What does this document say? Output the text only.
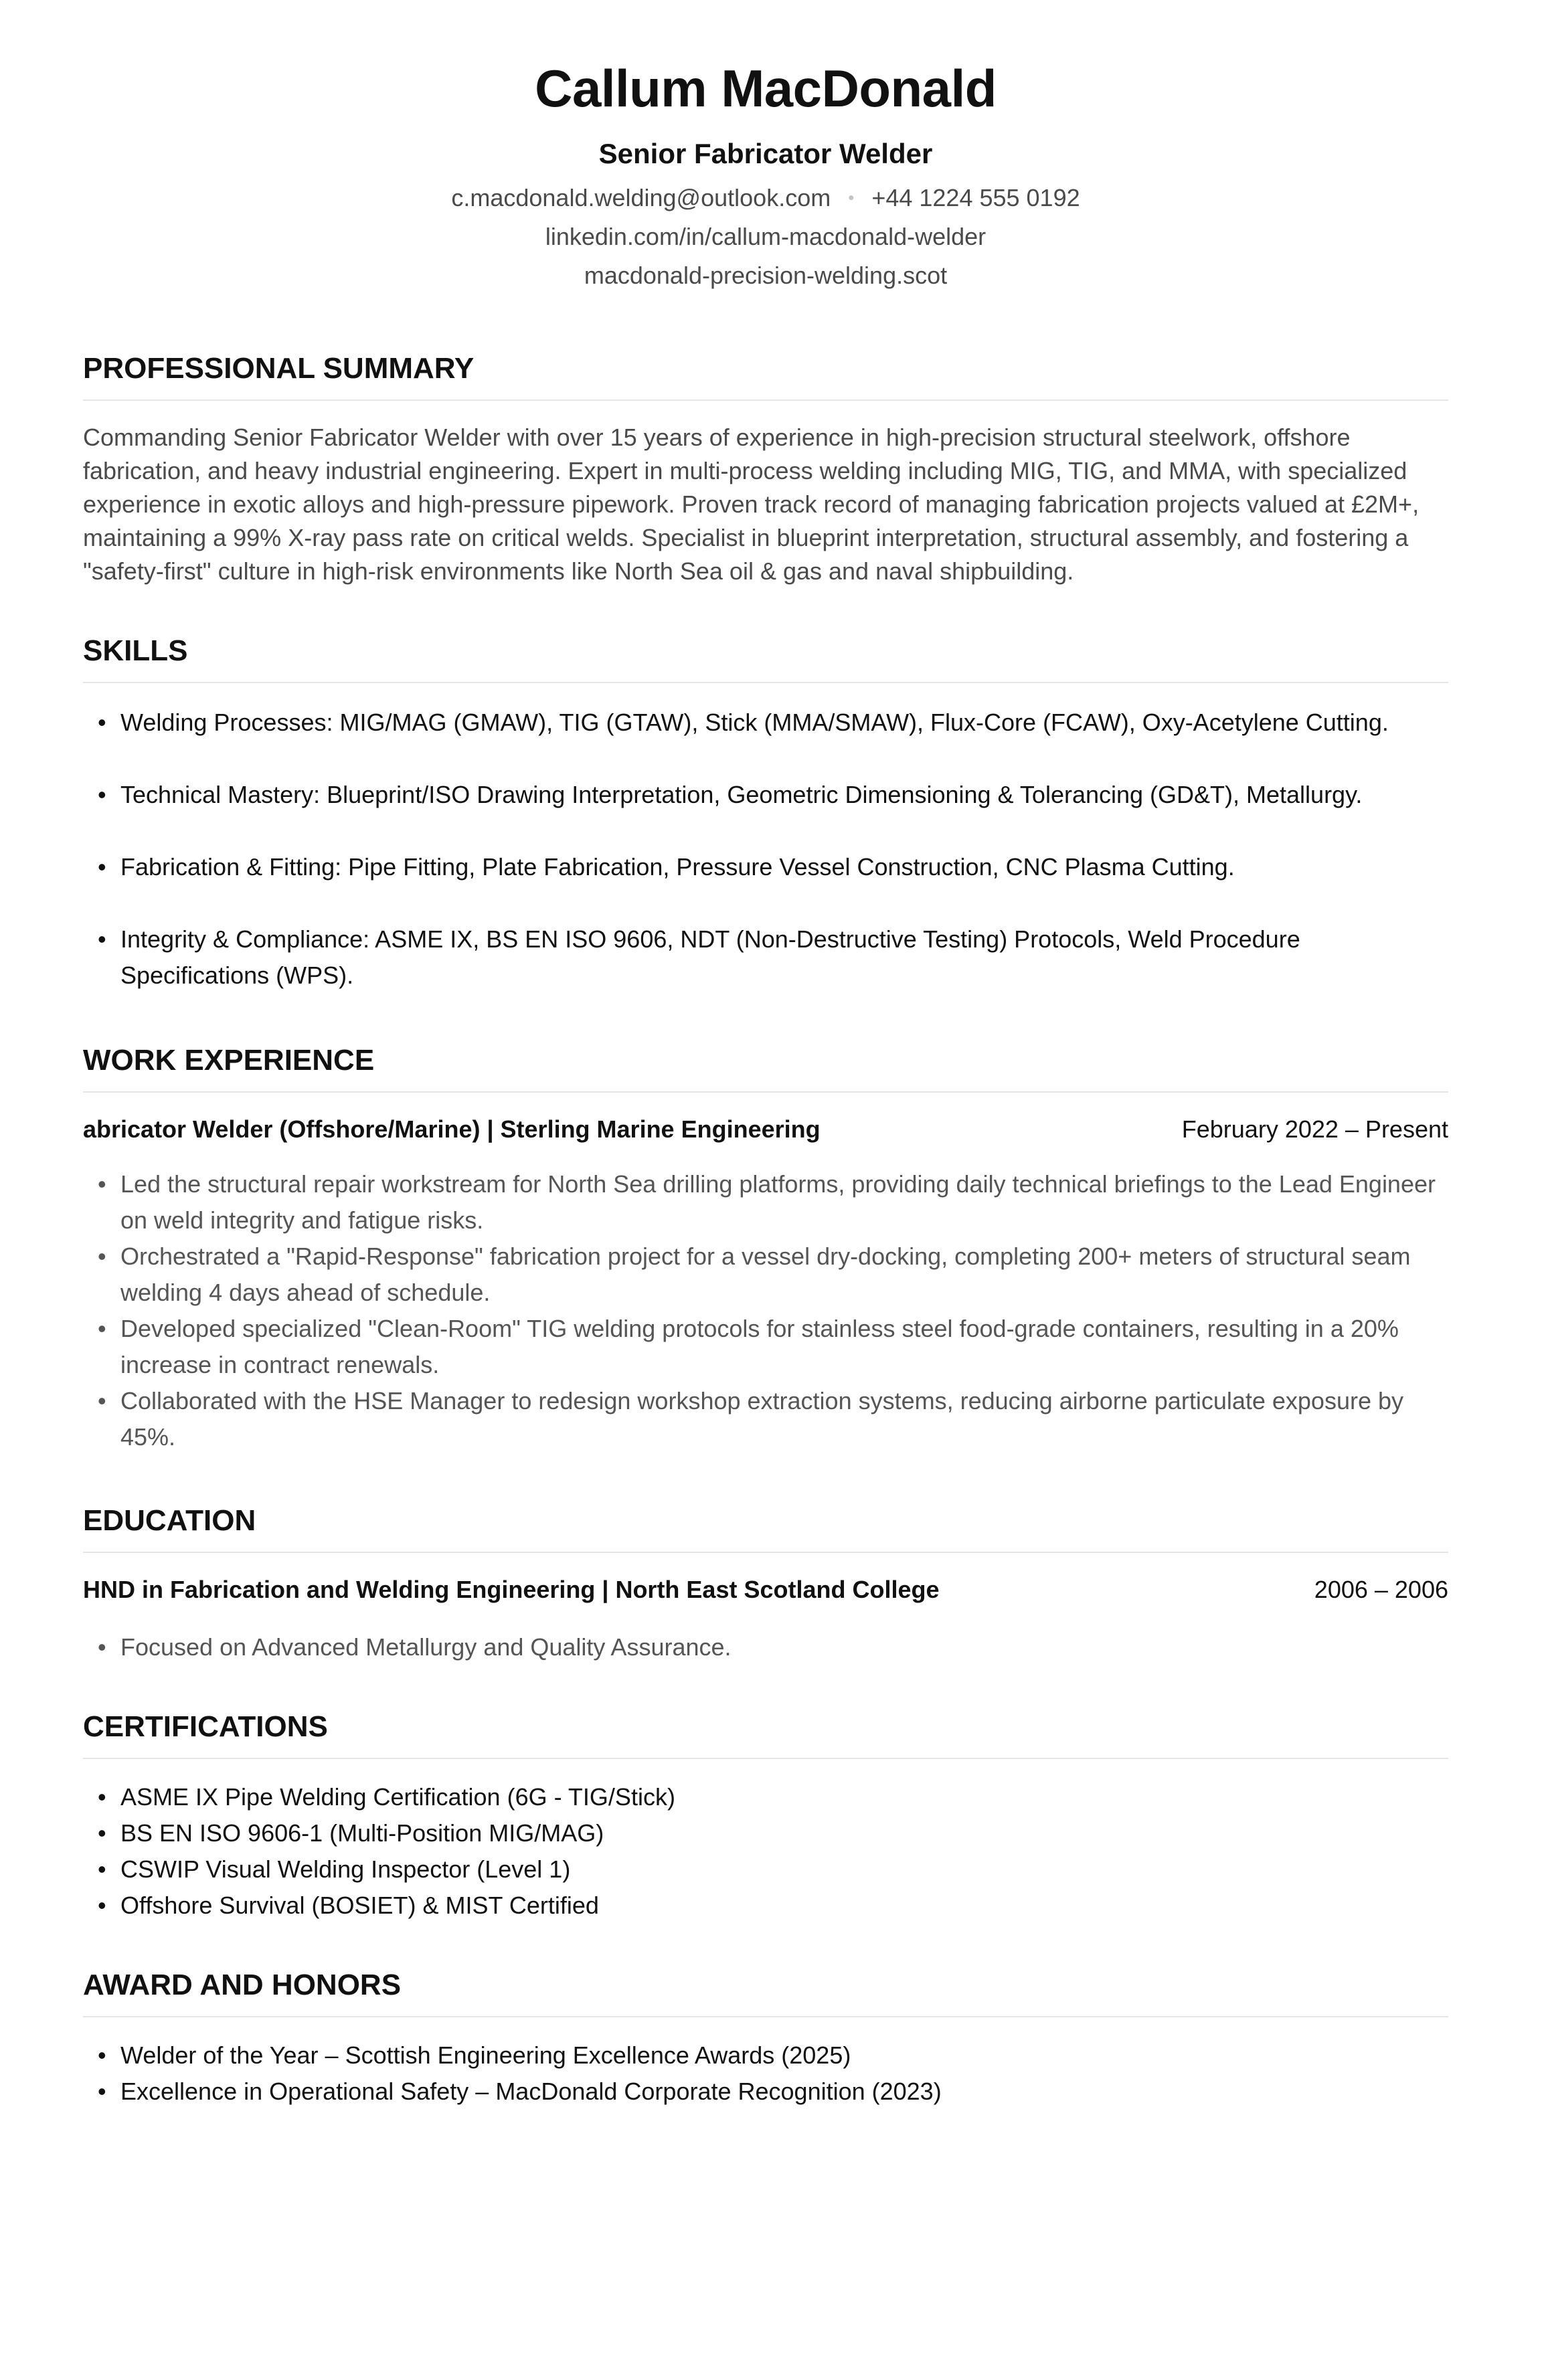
Callum MacDonald
Senior Fabricator Welder
c.macdonald.welding@outlook.com • +44 1224 555 0192
linkedin.com/in/callum-macdonald-welder
macdonald-precision-welding.scot
PROFESSIONAL SUMMARY
Commanding Senior Fabricator Welder with over 15 years of experience in high-precision structural steelwork, offshore fabrication, and heavy industrial engineering. Expert in multi-process welding including MIG, TIG, and MMA, with specialized experience in exotic alloys and high-pressure pipework. Proven track record of managing fabrication projects valued at £2M+, maintaining a 99% X-ray pass rate on critical welds. Specialist in blueprint interpretation, structural assembly, and fostering a "safety-first" culture in high-risk environments like North Sea oil & gas and naval shipbuilding.
SKILLS
• Welding Processes: MIG/MAG (GMAW), TIG (GTAW), Stick (MMA/SMAW), Flux-Core (FCAW), Oxy-Acetylene Cutting.
• Technical Mastery: Blueprint/ISO Drawing Interpretation, Geometric Dimensioning & Tolerancing (GD&T), Metallurgy.
• Fabrication & Fitting: Pipe Fitting, Plate Fabrication, Pressure Vessel Construction, CNC Plasma Cutting.
• Integrity & Compliance: ASME IX, BS EN ISO 9606, NDT (Non-Destructive Testing) Protocols, Weld Procedure Specifications (WPS).
WORK EXPERIENCE
abricator Welder (Offshore/Marine) | Sterling Marine Engineering	February 2022 – Present
• Led the structural repair workstream for North Sea drilling platforms, providing daily technical briefings to the Lead Engineer on weld integrity and fatigue risks.
• Orchestrated a "Rapid-Response" fabrication project for a vessel dry-docking, completing 200+ meters of structural seam welding 4 days ahead of schedule.
• Developed specialized "Clean-Room" TIG welding protocols for stainless steel food-grade containers, resulting in a 20% increase in contract renewals.
• Collaborated with the HSE Manager to redesign workshop extraction systems, reducing airborne particulate exposure by 45%.
EDUCATION
HND in Fabrication and Welding Engineering | North East Scotland College	2006 – 2006
• Focused on Advanced Metallurgy and Quality Assurance.
CERTIFICATIONS
• ASME IX Pipe Welding Certification (6G - TIG/Stick)
• BS EN ISO 9606-1 (Multi-Position MIG/MAG)
• CSWIP Visual Welding Inspector (Level 1)
• Offshore Survival (BOSIET) & MIST Certified
AWARD AND HONORS
• Welder of the Year – Scottish Engineering Excellence Awards (2025)
• Excellence in Operational Safety – MacDonald Corporate Recognition (2023)
